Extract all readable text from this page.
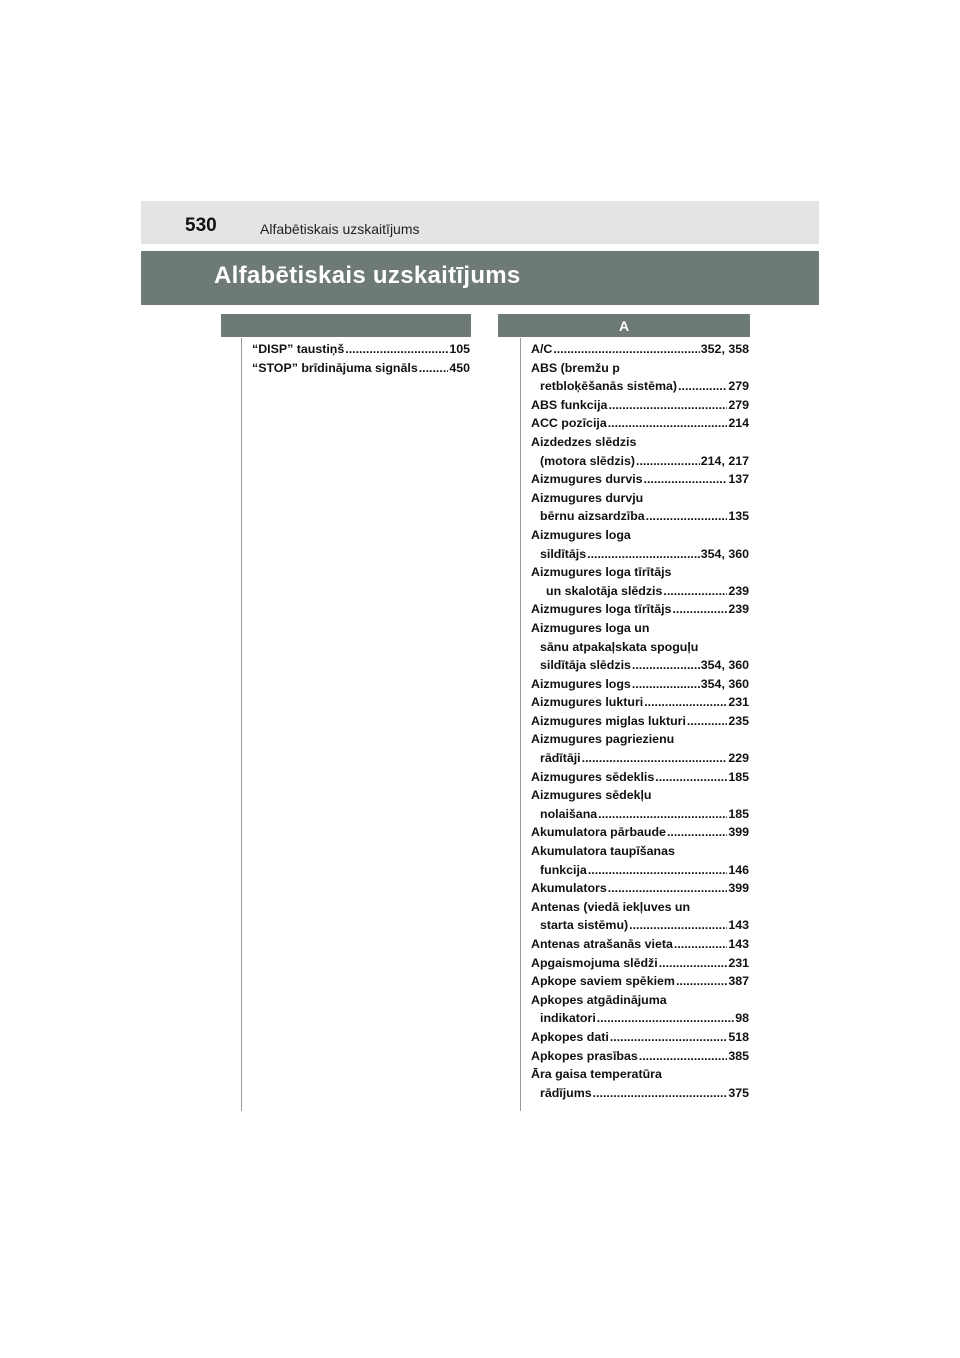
530	Alfabētiskais uzskaitījums
Alfabētiskais uzskaitījums
A
“DISP” taustiņš .....	105
“STOP” brīdinājuma signāls .....	450
A/C .....	352, 358
ABS (bremžu p
retbloķēšanās sistēma) .....	279
ABS funkcija .....	279
ACC pozīcija .....	214
Aizdedzes slēdzis
(motora slēdzis) .....	214, 217
Aizmugures durvis .....	137
Aizmugures durvju
bērnu aizsardzība .....	135
Aizmugures loga
sildītājs .....	354, 360
Aizmugures loga tīrītājs
un skalotāja slēdzis .....	239
Aizmugures loga tīrītājs .....	239
Aizmugures loga un
sānu atpakaļskata spoguļu
sildītāja slēdzis .....	354, 360
Aizmugures logs .....	354, 360
Aizmugures lukturi .....	231
Aizmugures miglas lukturi .....	235
Aizmugures pagriezienu
rādītāji .....	229
Aizmugures sēdeklis .....	185
Aizmugures sēdekļu
nolaišana .....	185
Akumulatora pārbaude .....	399
Akumulatora taupīšanas
funkcija .....	146
Akumulators .....	399
Antenas (viedā iekļuves un
starta sistēmu) .....	143
Antenas atrašanās vieta .....	143
Apgaismojuma slēdži .....	231
Apkope saviem spēkiem .....	387
Apkopes atgādinājuma
indikatori .....	98
Apkopes dati .....	518
Apkopes prasības .....	385
Āra gaisa temperatūra
rādījums .....	375
